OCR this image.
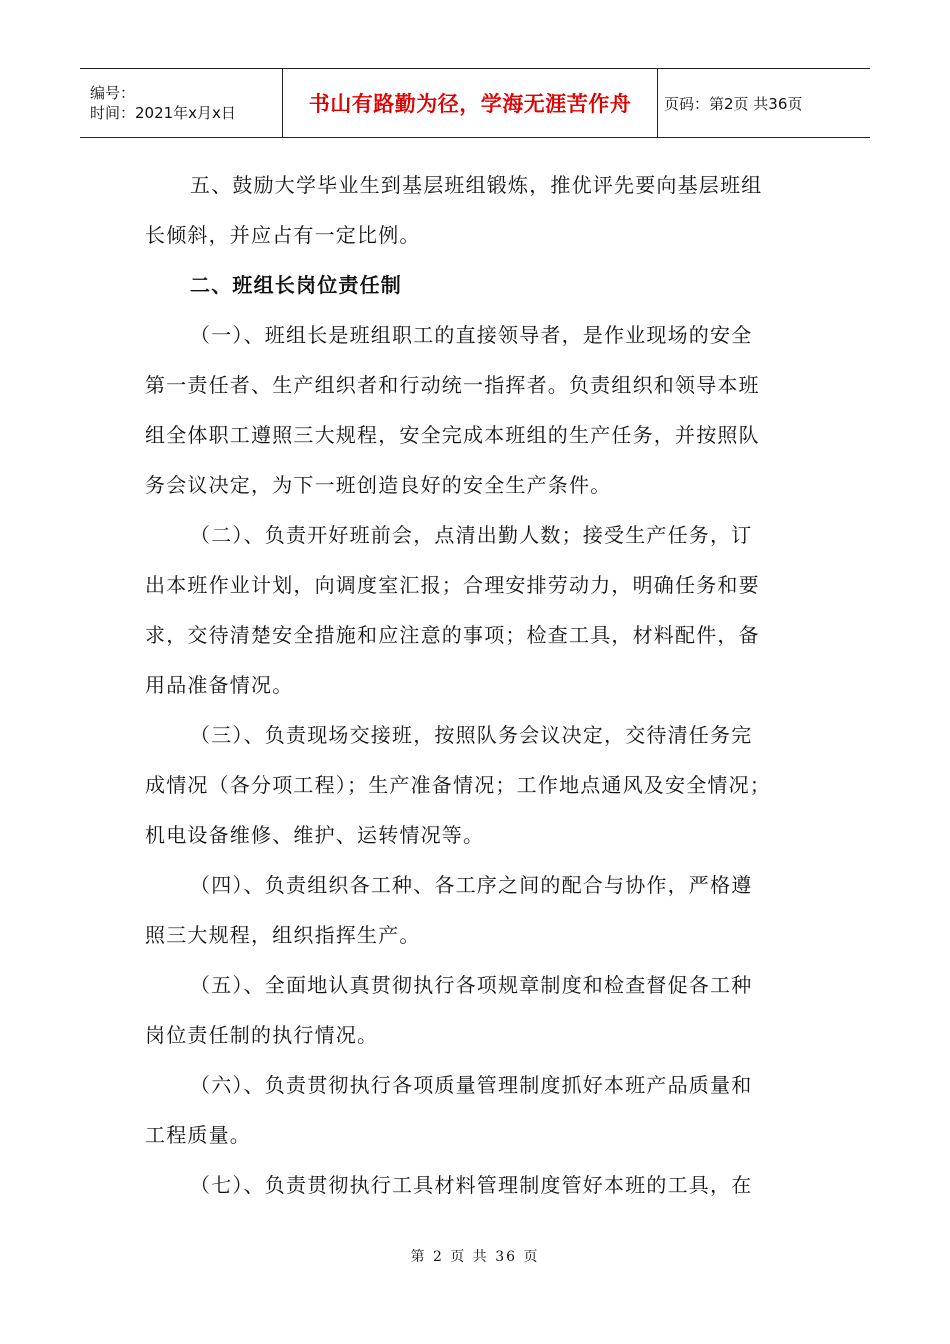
编号：
时间：2021年x月x日	书山有路勤为径，学海无涯苦作舟	页码：第2页 共36页
五、鼓励大学毕业生到基层班组锻炼，推优评先要向基层班组
长倾斜，并应占有一定比例。
二、班组长岗位责任制
（一）、班组长是班组职工的直接领导者，是作业现场的安全
第一责任者、生产组织者和行动统一指挥者。负责组织和领导本班
组全体职工遵照三大规程，安全完成本班组的生产任务，并按照队
务会议决定，为下一班创造良好的安全生产条件。
（二）、负责开好班前会，点清出勤人数；接受生产任务，订
出本班作业计划，向调度室汇报；合理安排劳动力，明确任务和要
求，交待清楚安全措施和应注意的事项；检查工具，材料配件，备
用品准备情况。
（三）、负责现场交接班，按照队务会议决定，交待清任务完
成情况（各分项工程）；生产准备情况；工作地点通风及安全情况；
机电设备维修、维护、运转情况等。
（四）、负责组织各工种、各工序之间的配合与协作，严格遵
照三大规程，组织指挥生产。
（五）、全面地认真贯彻执行各项规章制度和检查督促各工种
岗位责任制的执行情况。
（六）、负责贯彻执行各项质量管理制度抓好本班产品质量和
工程质量。
（七）、负责贯彻执行工具材料管理制度管好本班的工具，在
第 2 页 共 36 页
